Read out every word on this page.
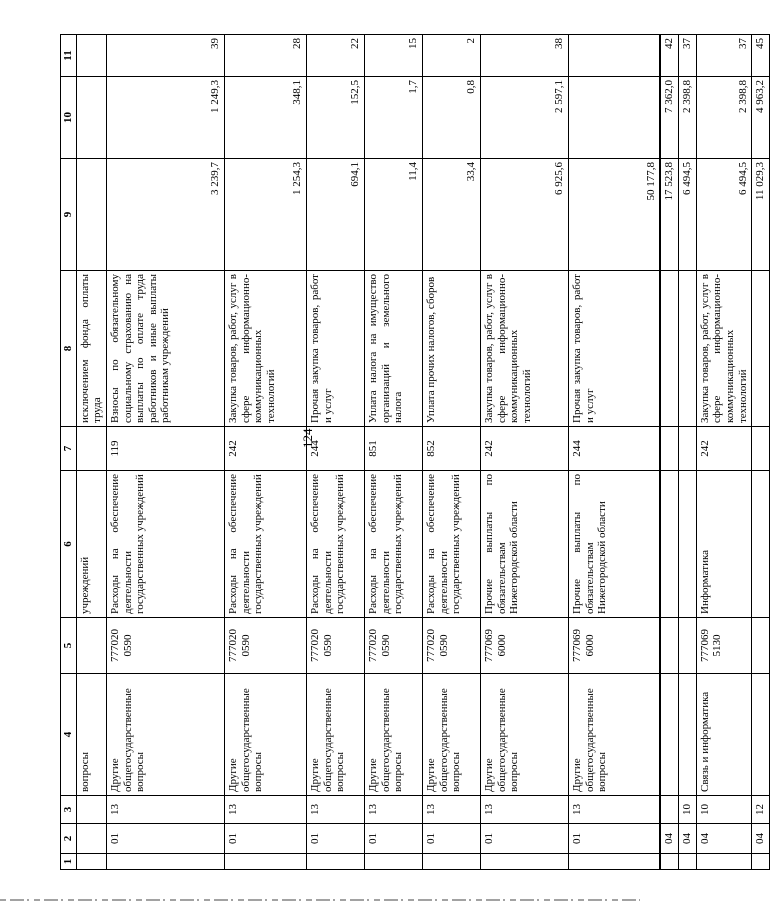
124
1	2	3	4	5	6	7	8	9	10	11
			вопросы		учреждений		исключением фонда оплаты труда			
	01	13	Другие общегосударственные вопросы	777020 0590	Расходы на обеспечение деятельности государственных учреждений	119	Взносы по обязательному социальному страхованию на выплаты по оплате труда работников и иные выплаты работникам учреждений	3 239,7	1 249,3	39
	01	13	Другие общегосударственные вопросы	777020 0590	Расходы на обеспечение деятельности государственных учреждений	242	Закупка товаров, работ, услуг в сфере информационно-коммуникационных технологий	1 254,3	348,1	28
	01	13	Другие общегосударственные вопросы	777020 0590	Расходы на обеспечение деятельности государственных учреждений	244	Прочая закупка товаров, работ и услуг	694,1	152,5	22
	01	13	Другие общегосударственные вопросы	777020 0590	Расходы на обеспечение деятельности государственных учреждений	851	Уплата налога на имущество организаций и земельного налога	11,4	1,7	15
	01	13	Другие общегосударственные вопросы	777020 0590	Расходы на обеспечение деятельности государственных учреждений	852	Уплата прочих налогов, сборов	33,4	0,8	2
	01	13	Другие общегосударственные вопросы	777069 6000	Прочие выплаты по обязательствам Нижегородской области	242	Закупка товаров, работ, услуг в сфере информационно-коммуникационных технологий	6 925,6	2 597,1	38
	01	13	Другие общегосударственные вопросы	777069 6000	Прочие выплаты по обязательствам Нижегородской области	244	Прочая закупка товаров, работ и услуг	50 177,8		
	04							17 523,8	7 362,0	42
	04	10						6 494,5	2 398,8	37
	04	10	Связь и информатика	777069 5130	Информатика	242	Закупка товаров, работ, услуг в сфере информационно-коммуникационных технологий	6 494,5	2 398,8	37
	04	12						11 029,3	4 963,2	45
